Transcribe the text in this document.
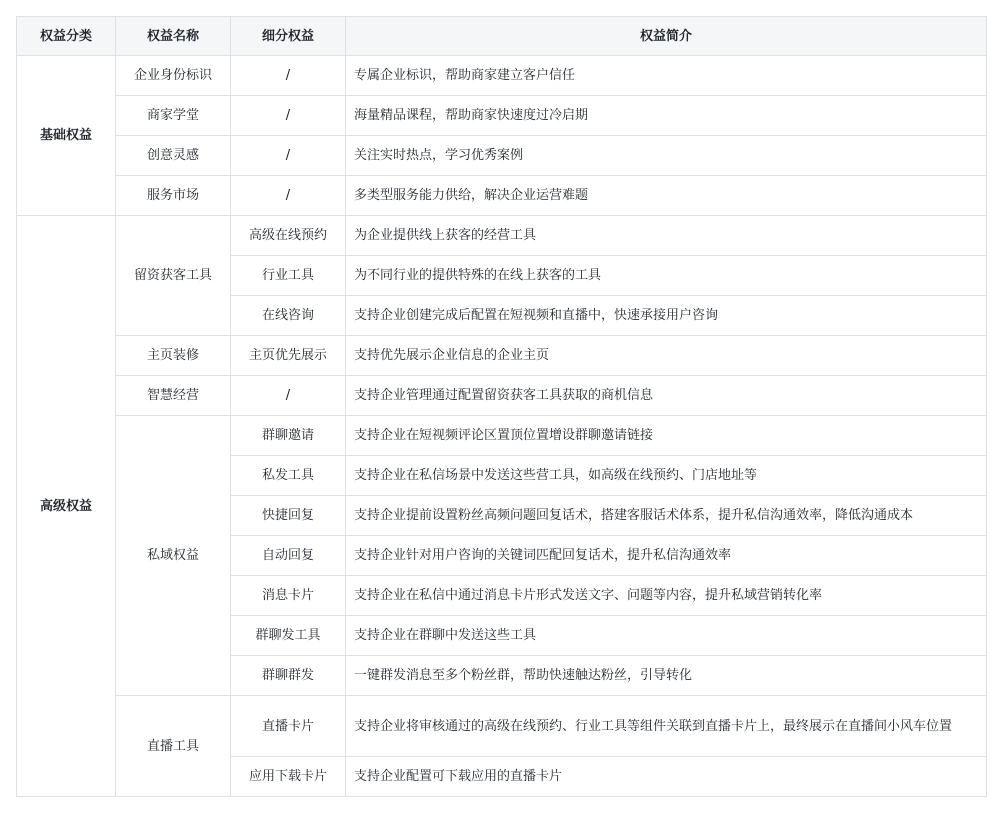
权益分类	权益名称	细分权益	权益简介
基础权益	企业身份标识	/	专属企业标识，帮助商家建立客户信任
	商家学堂	/	海量精品课程，帮助商家快速度过冷启期
	创意灵感	/	关注实时热点，学习优秀案例
	服务市场	/	多类型服务能力供给，解决企业运营难题
高级权益	留资获客工具	高级在线预约	为企业提供线上获客的经营工具
		行业工具	为不同行业的提供特殊的在线上获客的工具
		在线咨询	支持企业创建完成后配置在短视频和直播中，快速承接用户咨询
	主页装修	主页优先展示	支持优先展示企业信息的企业主页
	智慧经营	/	支持企业管理通过配置留资获客工具获取的商机信息
	私域权益	群聊邀请	支持企业在短视频评论区置顶位置增设群聊邀请链接
		私发工具	支持企业在私信场景中发送这些营工具，如高级在线预约、门店地址等
		快捷回复	支持企业提前设置粉丝高频问题回复话术，搭建客服话术体系，提升私信沟通效率，降低沟通成本
		自动回复	支持企业针对用户咨询的关键词匹配回复话术，提升私信沟通效率
		消息卡片	支持企业在私信中通过消息卡片形式发送文字、问题等内容，提升私域营销转化率
		群聊发工具	支持企业在群聊中发送这些工具
		群聊群发	一键群发消息至多个粉丝群，帮助快速触达粉丝，引导转化
	直播工具	直播卡片	支持企业将审核通过的高级在线预约、行业工具等组件关联到直播卡片上，最终展示在直播间小风车位置
		应用下载卡片	支持企业配置可下载应用的直播卡片
